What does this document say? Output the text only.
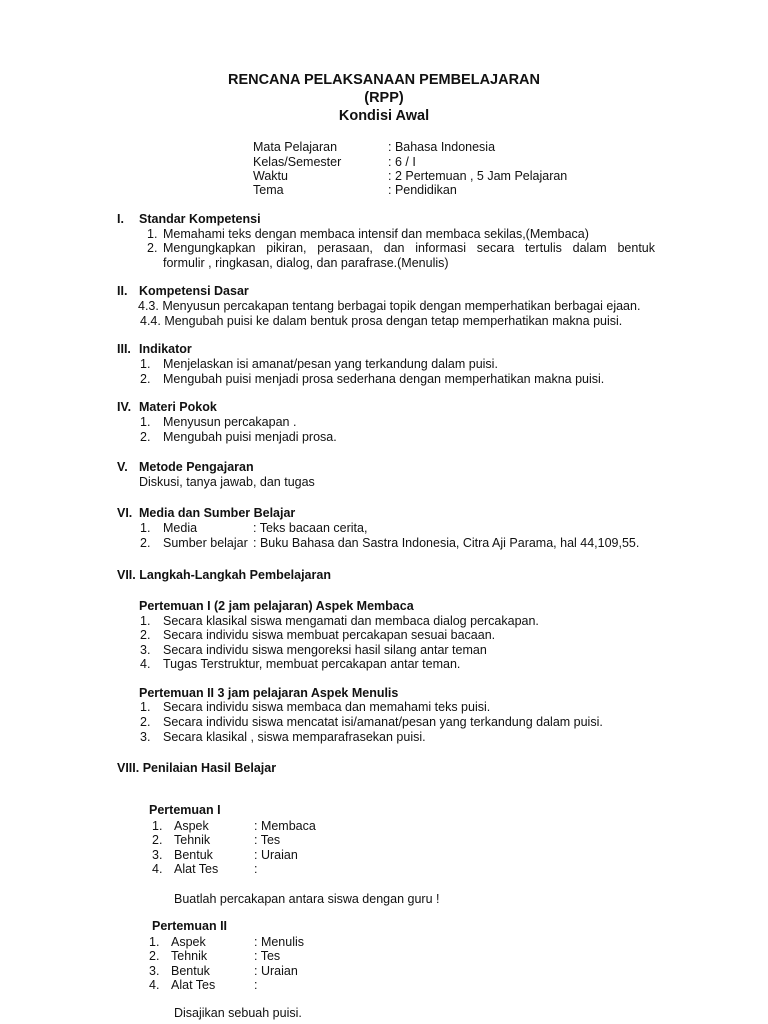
RENCANA PELAKSANAAN PEMBELAJARAN
(RPP)
Kondisi Awal
Mata Pelajaran	: Bahasa Indonesia
Kelas/Semester	: 6 / I
Waktu	: 2 Pertemuan , 5 Jam Pelajaran
Tema	: Pendidikan
I. Standar Kompetensi
1. Memahami teks dengan membaca intensif dan membaca sekilas,(Membaca)
2. Mengungkapkan pikiran, perasaan, dan informasi secara tertulis dalam bentuk
formulir , ringkasan, dialog, dan parafrase.(Menulis)
II. Kompetensi Dasar
4.3. Menyusun percakapan tentang berbagai topik dengan memperhatikan berbagai ejaan.
4.4. Mengubah puisi ke dalam bentuk prosa dengan tetap memperhatikan makna puisi.
III. Indikator
1. Menjelaskan isi amanat/pesan yang terkandung dalam puisi.
2. Mengubah puisi menjadi prosa sederhana dengan memperhatikan makna puisi.
IV. Materi Pokok
1. Menyusun percakapan .
2. Mengubah puisi menjadi prosa.
V. Metode Pengajaran
Diskusi, tanya jawab, dan tugas
VI. Media dan Sumber Belajar
1. Media	: Teks bacaan cerita,
2. Sumber belajar : Buku Bahasa dan Sastra Indonesia, Citra Aji Parama, hal 44,109,55.
VII. Langkah-Langkah Pembelajaran
Pertemuan I (2 jam pelajaran) Aspek Membaca
1. Secara klasikal siswa mengamati dan membaca dialog percakapan.
2. Secara individu siswa membuat percakapan sesuai bacaan.
3. Secara individu siswa mengoreksi hasil silang antar teman
4. Tugas Terstruktur, membuat percakapan antar teman.
Pertemuan II 3 jam pelajaran Aspek Menulis
1. Secara individu siswa membaca dan memahami teks puisi.
2. Secara individu siswa mencatat isi/amanat/pesan yang terkandung dalam puisi.
3. Secara klasikal , siswa memparafrasekan puisi.
VIII. Penilaian Hasil Belajar
Pertemuan I
1. Aspek	: Membaca
2. Tehnik	: Tes
3. Bentuk	: Uraian
4. Alat Tes	:
Buatlah percakapan antara siswa dengan guru !
Pertemuan II
1. Aspek	: Menulis
2. Tehnik	: Tes
3. Bentuk	: Uraian
4. Alat Tes	:
Disajikan sebuah puisi.
